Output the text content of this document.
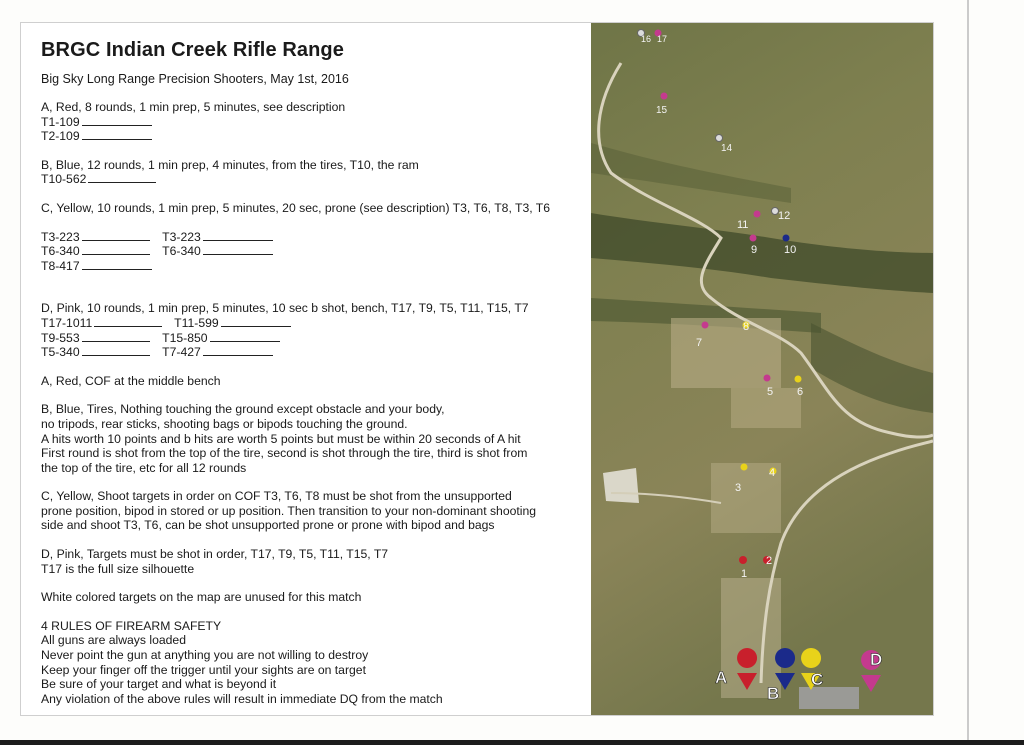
BRGC Indian Creek Rifle Range
Big Sky Long Range Precision Shooters, May 1st, 2016
A, Red, 8 rounds, 1 min prep, 5 minutes, see description
T1-109
T2-109
B, Blue, 12 rounds, 1 min prep, 4 minutes, from the tires, T10, the ram
T10-562
C, Yellow, 10 rounds, 1 min prep, 5 minutes, 20 sec, prone (see description) T3, T6, T8, T3, T6
T3-223	T3-223
T6-340	T6-340
T8-417
D, Pink, 10 rounds, 1 min prep, 5 minutes, 10 sec b shot, bench, T17, T9, T5, T11, T15, T7
T17-1011	T11-599
T9-553	T15-850
T5-340	T7-427
A, Red, COF at the middle bench
B, Blue, Tires, Nothing touching the ground except obstacle and your body,
no tripods, rear sticks, shooting bags or bipods touching the ground.
A hits worth 10 points and b hits are worth 5 points but must be within 20 seconds of A hit
First round is shot from the top of the tire, second is shot through the tire, third is shot from
the top of the tire, etc for all 12 rounds
C, Yellow, Shoot targets in order on COF T3, T6, T8 must be shot from the unsupported
prone position, bipod in stored or up position. Then transition to your non-dominant shooting
side and shoot T3, T6, can be shot unsupported prone or prone with bipod and bags
D, Pink, Targets must be shot in order, T17, T9, T5, T11, T15, T7
T17 is the full size silhouette
White colored targets on the map are unused for this match
4 RULES OF FIREARM SAFETY
All guns are always loaded
Never point the gun at anything you are not willing to destroy
Keep your finger off the trigger until your sights are on target
Be sure of your target and what is beyond it
Any violation of the above rules will result in immediate DQ from the match
16 17
15
14
11
12
9 10
8
7
5 6
3
4
1
2
A
B
C
D
